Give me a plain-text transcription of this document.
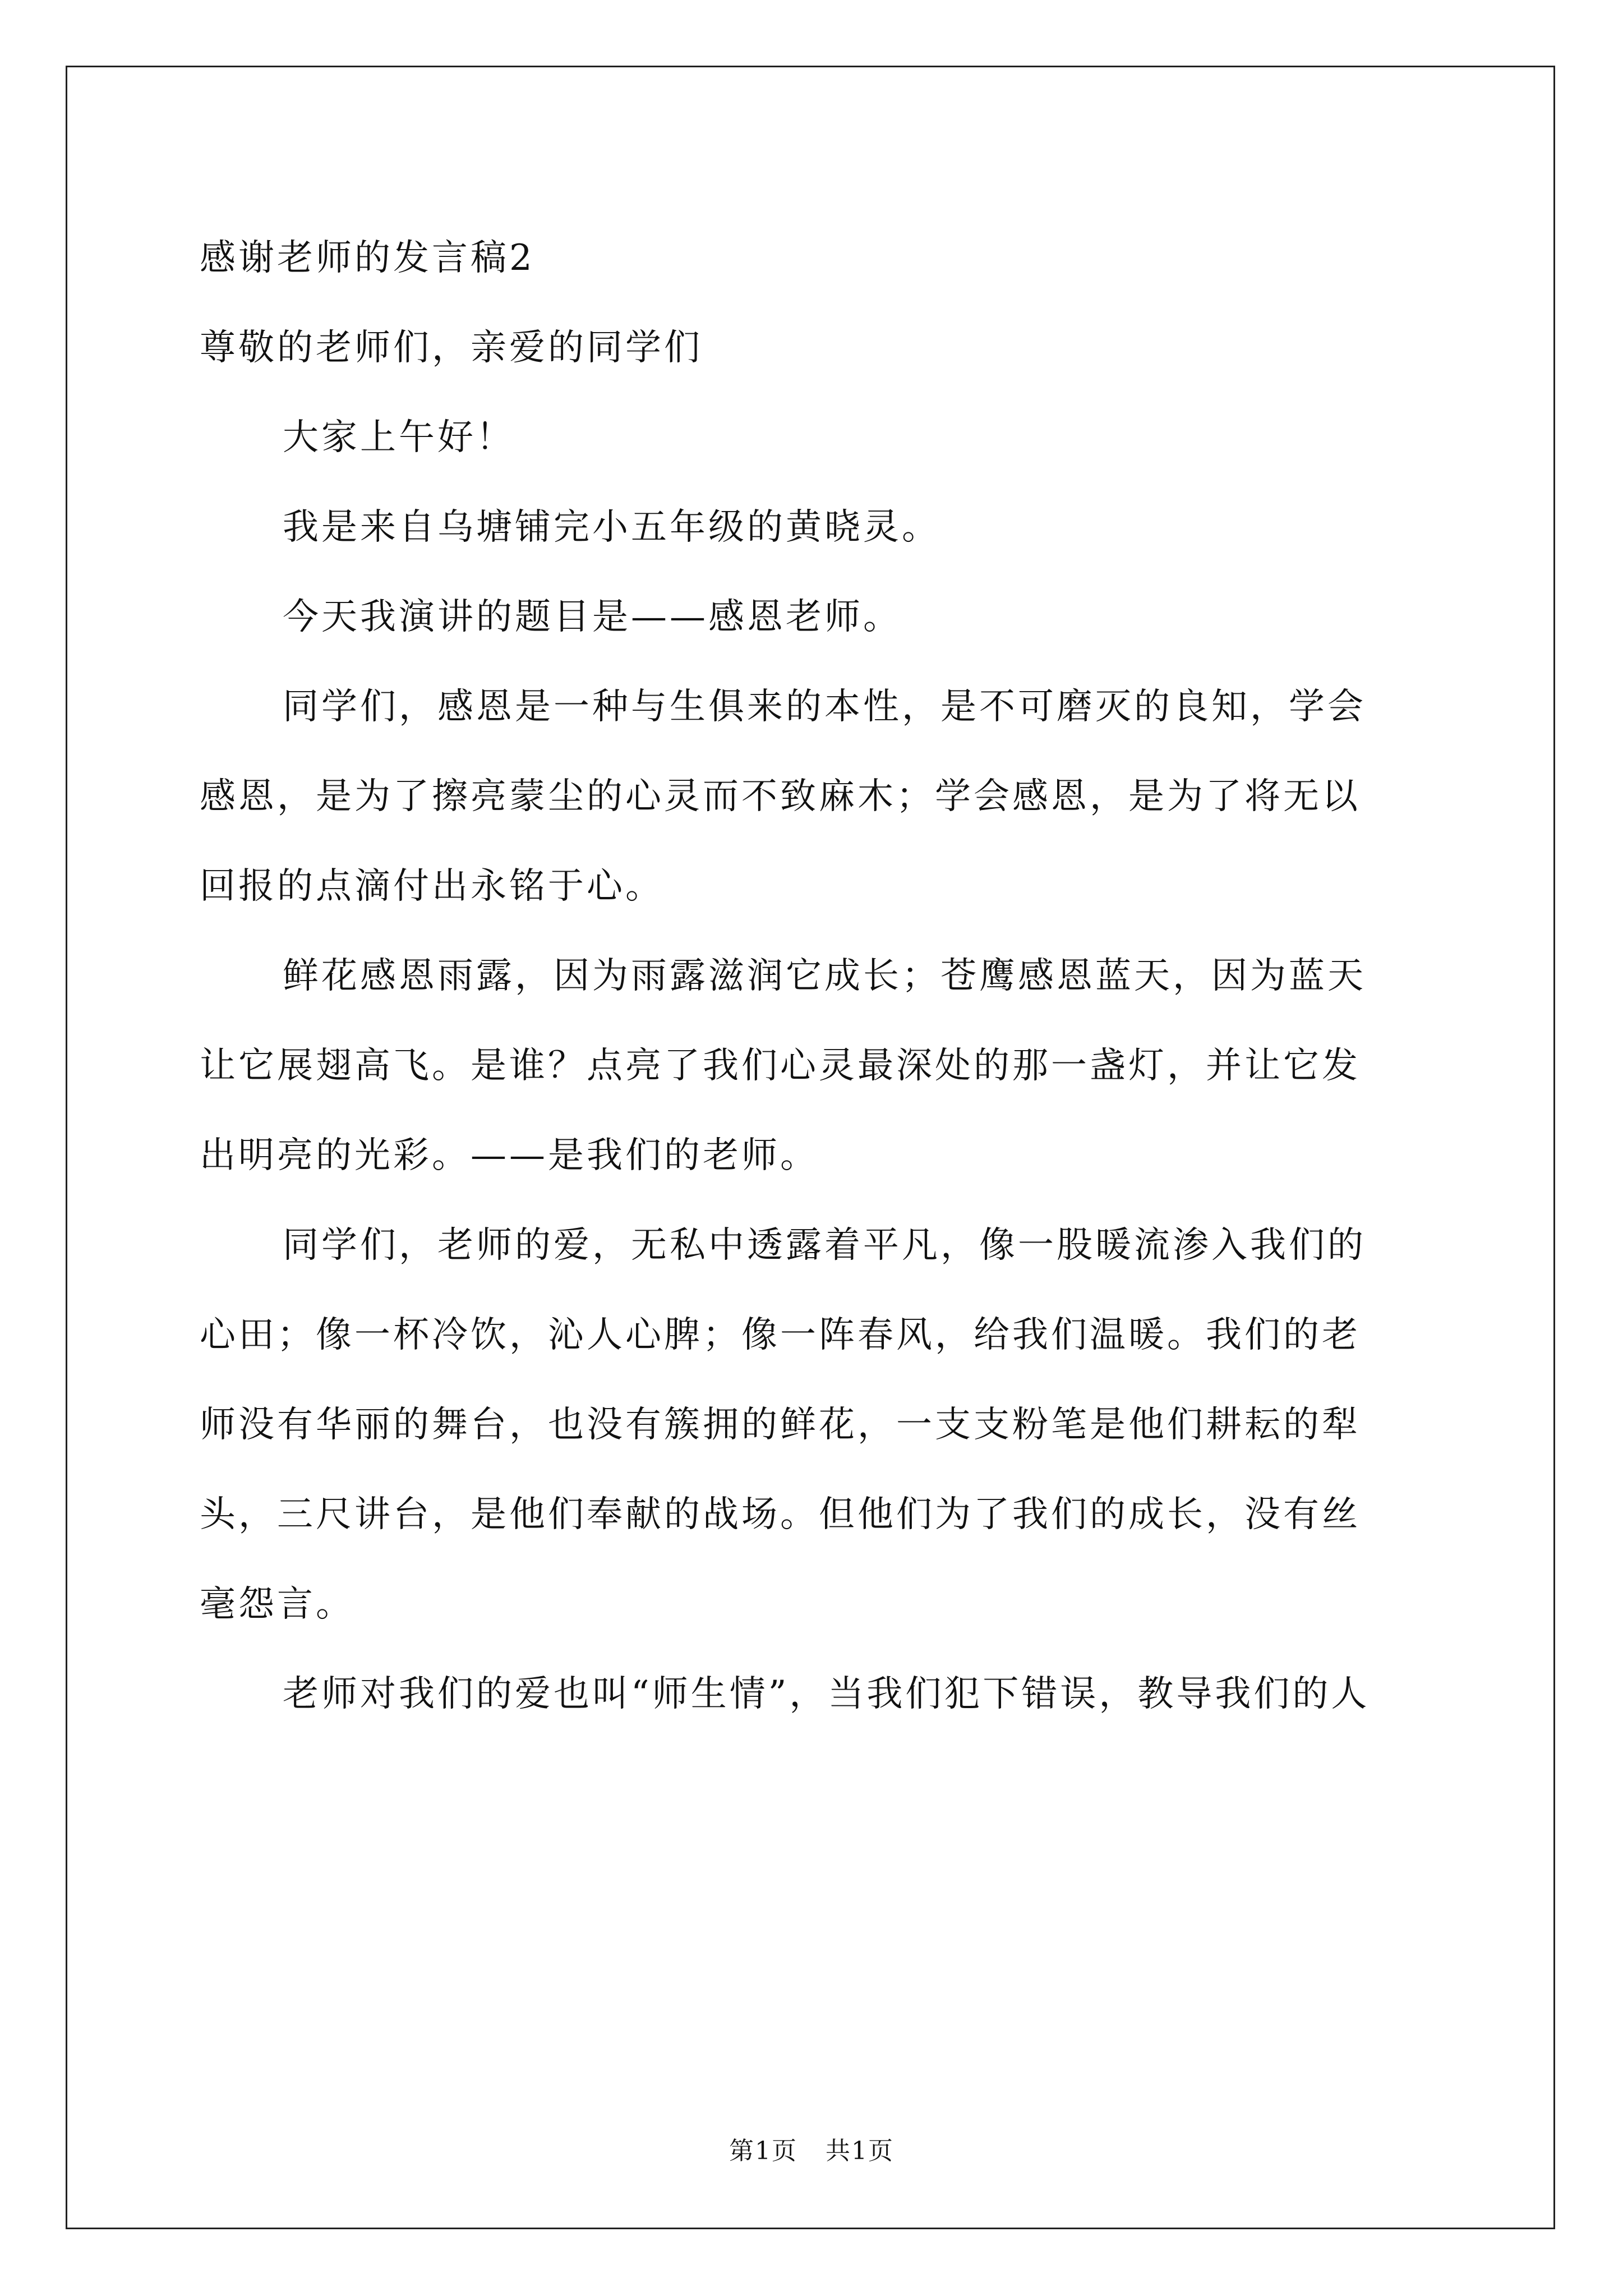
感谢老师的发言稿2
尊敬的老师们，亲爱的同学们
大家上午好！
我是来自乌塘铺完小五年级的黄晓灵。
今天我演讲的题目是——感恩老师。
同学们，感恩是一种与生俱来的本性，是不可磨灭的良知，学会
感恩，是为了擦亮蒙尘的心灵而不致麻木；学会感恩，是为了将无以
回报的点滴付出永铭于心。
鲜花感恩雨露，因为雨露滋润它成长；苍鹰感恩蓝天，因为蓝天
让它展翅高飞。是谁？点亮了我们心灵最深处的那一盏灯，并让它发
出明亮的光彩。——是我们的老师。
同学们，老师的爱，无私中透露着平凡，像一股暖流渗入我们的
心田；像一杯冷饮，沁人心脾；像一阵春风，给我们温暖。我们的老
师没有华丽的舞台，也没有簇拥的鲜花，一支支粉笔是他们耕耘的犁
头，三尺讲台，是他们奉献的战场。但他们为了我们的成长，没有丝
毫怨言。
老师对我们的爱也叫“师生情”，当我们犯下错误，教导我们的人
第1页 共1页
